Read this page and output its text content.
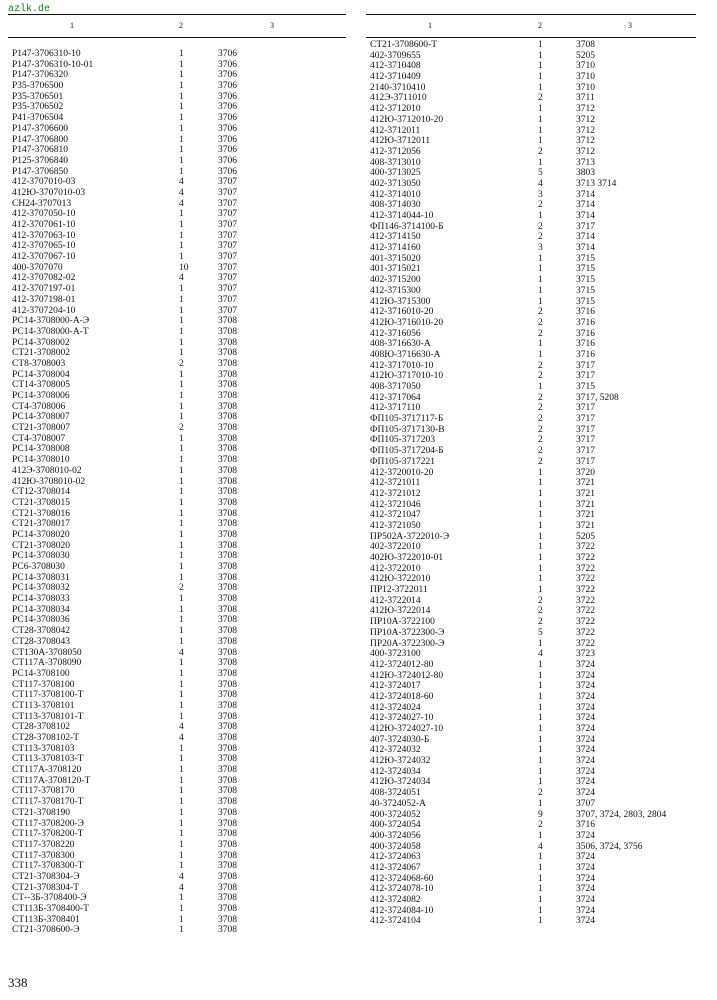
azlk.de
1	2	3
Р147-3706310-10	1	3706
Р147-3706310-10-01	1	3706
Р147-3706320	1	3706
Р35-3706500	1	3706
Р35-3706501	1	3706
Р35-3706502	1	3706
Р41-3706504	1	3706
Р147-3706600	1	3706
Р147-3706800	1	3706
Р147-3706810	1	3706
Р125-3706840	1	3706
Р147-3706850	1	3706
412-3707010-03	4	3707
412Ю-3707010-03	4	3707
СН24-3707013	4	3707
412-3707050-10	1	3707
412-3707061-10	1	3707
412-3707063-10	1	3707
412-3707065-10	1	3707
412-3707067-10	1	3707
400-3707070	10	3707
412-3707082-02	4	3707
412-3707197-01	1	3707
412-3707198-01	1	3707
412-3707204-10	1	3707
РС14-3708000-А-Э	1	3708
РС14-3708000-А-Т	1	3708
РС14-3708002	1	3708
СТ21-3708002	1	3708
СТ8-3708003	2	3708
РС14-3708004	1	3708
СТ14-3708005	1	3708
РС14-3708006	1	3708
СТ4-3708006	1	3708
РС14-3708007	1	3708
СТ21-3708007	2	3708
СТ4-3708007	1	3708
РС14-3708008	1	3708
РС14-3708010	1	3708
412Э-3708010-02	1	3708
412Ю-3708010-02	1	3708
СТ12-3708014	1	3708
СТ21-3708015	1	3708
СТ21-3708016	1	3708
СТ21-3708017	1	3708
РС14-3708020	1	3708
СТ21-3708020	1	3708
РС14-3708030	1	3708
РС6-3708030	1	3708
РС14-3708031	1	3708
РС14-3708032	2	3708
РС14-3708033	1	3708
РС14-3708034	1	3708
РС14-3708036	1	3708
СТ28-3708042	1	3708
СТ28-3708043	1	3708
СТ130А-3708050	4	3708
СТ117А-3708090	1	3708
РС14-3708100	1	3708
СТ117-3708100	1	3708
СТ117-3708100-Т	1	3708
СТ113-3708101	1	3708
СТ113-3708101-Т	1	3708
СТ28-3708102	4	3708
СТ28-3708102-Т	4	3708
СТ113-3708103	1	3708
СТ113-3708103-Т	1	3708
СТ117А-3708120	1	3708
СТ117А-3708120-Т	1	3708
СТ117-3708170	1	3708
СТ117-3708170-Т	1	3708
СТ21-3708190	1	3708
СТ117-3708200-Э	1	3708
СТ117-3708200-Т	1	3708
СТ117-3708220	1	3708
СТ117-3708300	1	3708
СТ117-3708300-Т	1	3708
СТ21-3708304-Э	4	3708
СТ21-3708304-Т	4	3708
СТ--3Б-3708400-Э	1	3708
СТ113Б-3708400-Т	1	3708
СТ113Б-3708401	1	3708
СТ21-3708600-Э	1	3708
1	2	3
СТ21-3708600-Т	1	3708
402-3709655	1	5205
412-3710408	1	3710
412-3710409	1	3710
2140-3710410	1	3710
412Э-3711010	2	3711
412-3712010	1	3712
412Ю-3712010-20	1	3712
412-3712011	1	3712
412Ю-3712011	1	3712
412-3712056	2	3712
408-3713010	1	3713
400-3713025	5	3803
402-3713050	4	3713 3714
412-3714010	3	3714
408-3714030	2	3714
412-3714044-10	1	3714
ФП146-3714100-Б	2	3717
412-3714150	2	3714
412-3714160	3	3714
401-3715020	1	3715
401-3715021	1	3715
402-3715200	1	3715
412-3715300	1	3715
412Ю-3715300	1	3715
412-3716010-20	2	3716
412Ю-3716010-20	2	3716
412-3716056	2	3716
408-3716630-А	1	3716
408Ю-3716630-А	1	3716
412-3717010-10	2	3717
412Ю-3717010-10	2	3717
408-3717050	1	3715
412-3717064	2	3717, 5208
412-3717110	2	3717
ФП105-3717117-Б	2	3717
ФП105-3717130-В	2	3717
ФП105-3717203	2	3717
ФП105-3717204-Б	2	3717
ФП105-3717221	2	3717
412-3720010-20	1	3720
412-3721011	1	3721
412-3721012	1	3721
412-3721046	1	3721
412-3721047	1	3721
412-3721050	1	3721
ПР502А-3722010-Э	1	5205
402-3722010	1	3722
402Ю-3722010-01	1	3722
412-3722010	1	3722
412Ю-3722010	1	3722
ПР12-3722011	1	3722
412-3722014	2	3722
412Ю-3722014	2	3722
ПР10А-3722100	2	3722
ПР10А-3722300-Э	5	3722
ПР20А-3722300-Э	1	3722
400-3723100	4	3723
412-3724012-80	1	3724
412Ю-3724012-80	1	3724
412-3724017	1	3724
412-3724018-60	1	3724
412-3724024	1	3724
412-3724027-10	1	3724
412Ю-3724027-10	1	3724
407-3724030-Б	1	3724
412-3724032	1	3724
412Ю-3724032	1	3724
412-3724034	1	3724
412Ю-3724034	1	3724
408-3724051	2	3724
40-3724052-А	1	3707
400-3724052	9	3707, 3724, 2803, 2804
400-3724054	2	3716
400-3724056	1	3724
400-3724058	4	3506, 3724, 3756
412-3724063	1	3724
412-3724067	1	3724
412-3724068-60	1	3724
412-3724078-10	1	3724
412-3724082	1	3724
412-3724084-10	1	3724
412-3724104	1	3724
338
